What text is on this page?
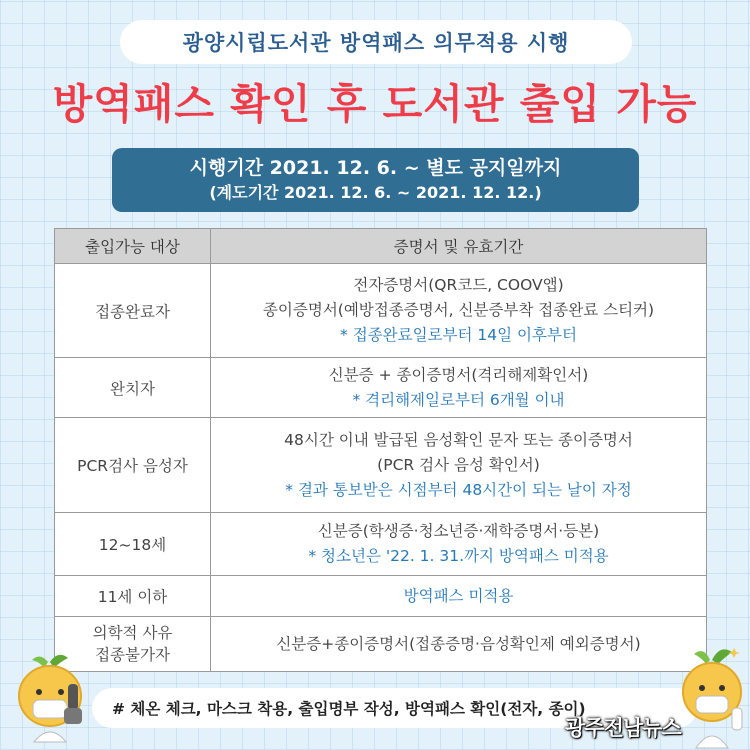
광양시립도서관 방역패스 의무적용 시행
방역패스 확인 후 도서관 출입 가능
시행기간 2021. 12. 6. ~ 별도 공지일까지
(계도기간 2021. 12. 6. ~ 2021. 12. 12.)
출입가능 대상	증명서 및 유효기간
접종완료자	전자증명서(QR코드, COOV앱)
종이증명서(예방접종증명서, 신분증부착 접종완료 스티커)
* 접종완료일로부터 14일 이후부터

완치자	신분증 + 종이증명서(격리해제확인서)
* 격리해제일로부터 6개월 이내

PCR검사 음성자	48시간 이내 발급된 음성확인 문자 또는 종이증명서
(PCR 검사 음성 확인서)
* 결과 통보받은 시점부터 48시간이 되는 날이 자정

12~18세	신분증(학생증·청소년증·재학증명서·등본)
* 청소년은 '22. 1. 31.까지 방역패스 미적용

11세 이하	방역패스 미적용

의학적 사유
접종불가자	신분증+종이증명서(접종증명·음성확인제 예외증명서)
# 체온 체크, 마스크 착용, 출입명부 작성, 방역패스 확인(전자, 종이)
광주전남뉴스
